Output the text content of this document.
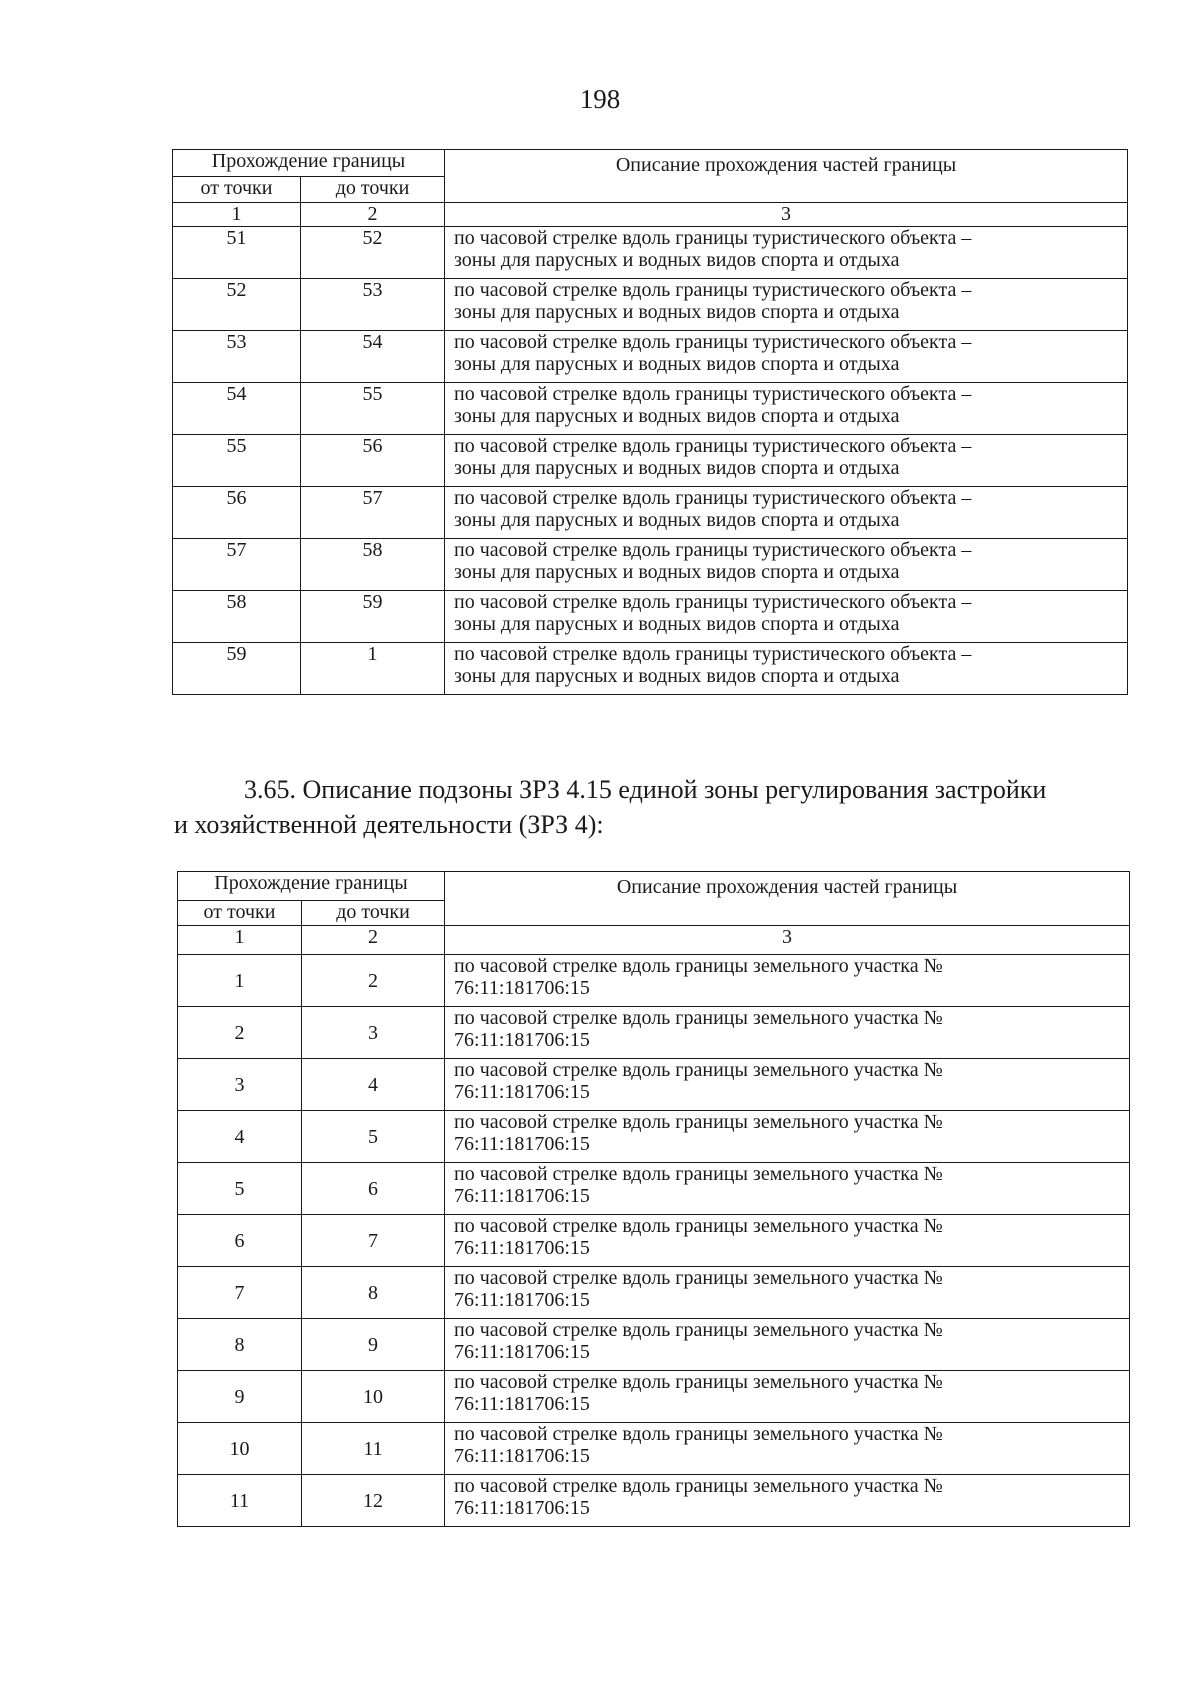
198
Прохождение границы		Описание прохождения частей границы
от точки	до точки	
1	2	3
51	52	по часовой стрелке вдоль границы туристического объекта –
зоны для парусных и водных видов спорта и отдыха

52	53	по часовой стрелке вдоль границы туристического объекта –
зоны для парусных и водных видов спорта и отдыха

53	54	по часовой стрелке вдоль границы туристического объекта –
зоны для парусных и водных видов спорта и отдыха

54	55	по часовой стрелке вдоль границы туристического объекта –
зоны для парусных и водных видов спорта и отдыха

55	56	по часовой стрелке вдоль границы туристического объекта –
зоны для парусных и водных видов спорта и отдыха

56	57	по часовой стрелке вдоль границы туристического объекта –
зоны для парусных и водных видов спорта и отдыха

57	58	по часовой стрелке вдоль границы туристического объекта –
зоны для парусных и водных видов спорта и отдыха

58	59	по часовой стрелке вдоль границы туристического объекта –
зоны для парусных и водных видов спорта и отдыха

59	1	по часовой стрелке вдоль границы туристического объекта –
зоны для парусных и водных видов спорта и отдыха
3.65. Описание подзоны ЗРЗ 4.15 единой зоны регулирования застройки
и хозяйственной деятельности (ЗРЗ 4):
Прохождение границы		Описание прохождения частей границы
от точки	до точки	
1	2	3
1	2	по часовой стрелке вдоль границы земельного участка №
76:11:181706:15

2	3	по часовой стрелке вдоль границы земельного участка №
76:11:181706:15

3	4	по часовой стрелке вдоль границы земельного участка №
76:11:181706:15

4	5	по часовой стрелке вдоль границы земельного участка №
76:11:181706:15

5	6	по часовой стрелке вдоль границы земельного участка №
76:11:181706:15

6	7	по часовой стрелке вдоль границы земельного участка №
76:11:181706:15

7	8	по часовой стрелке вдоль границы земельного участка №
76:11:181706:15

8	9	по часовой стрелке вдоль границы земельного участка №
76:11:181706:15

9	10	по часовой стрелке вдоль границы земельного участка №
76:11:181706:15

10	11	по часовой стрелке вдоль границы земельного участка №
76:11:181706:15

11	12	по часовой стрелке вдоль границы земельного участка №
76:11:181706:15
